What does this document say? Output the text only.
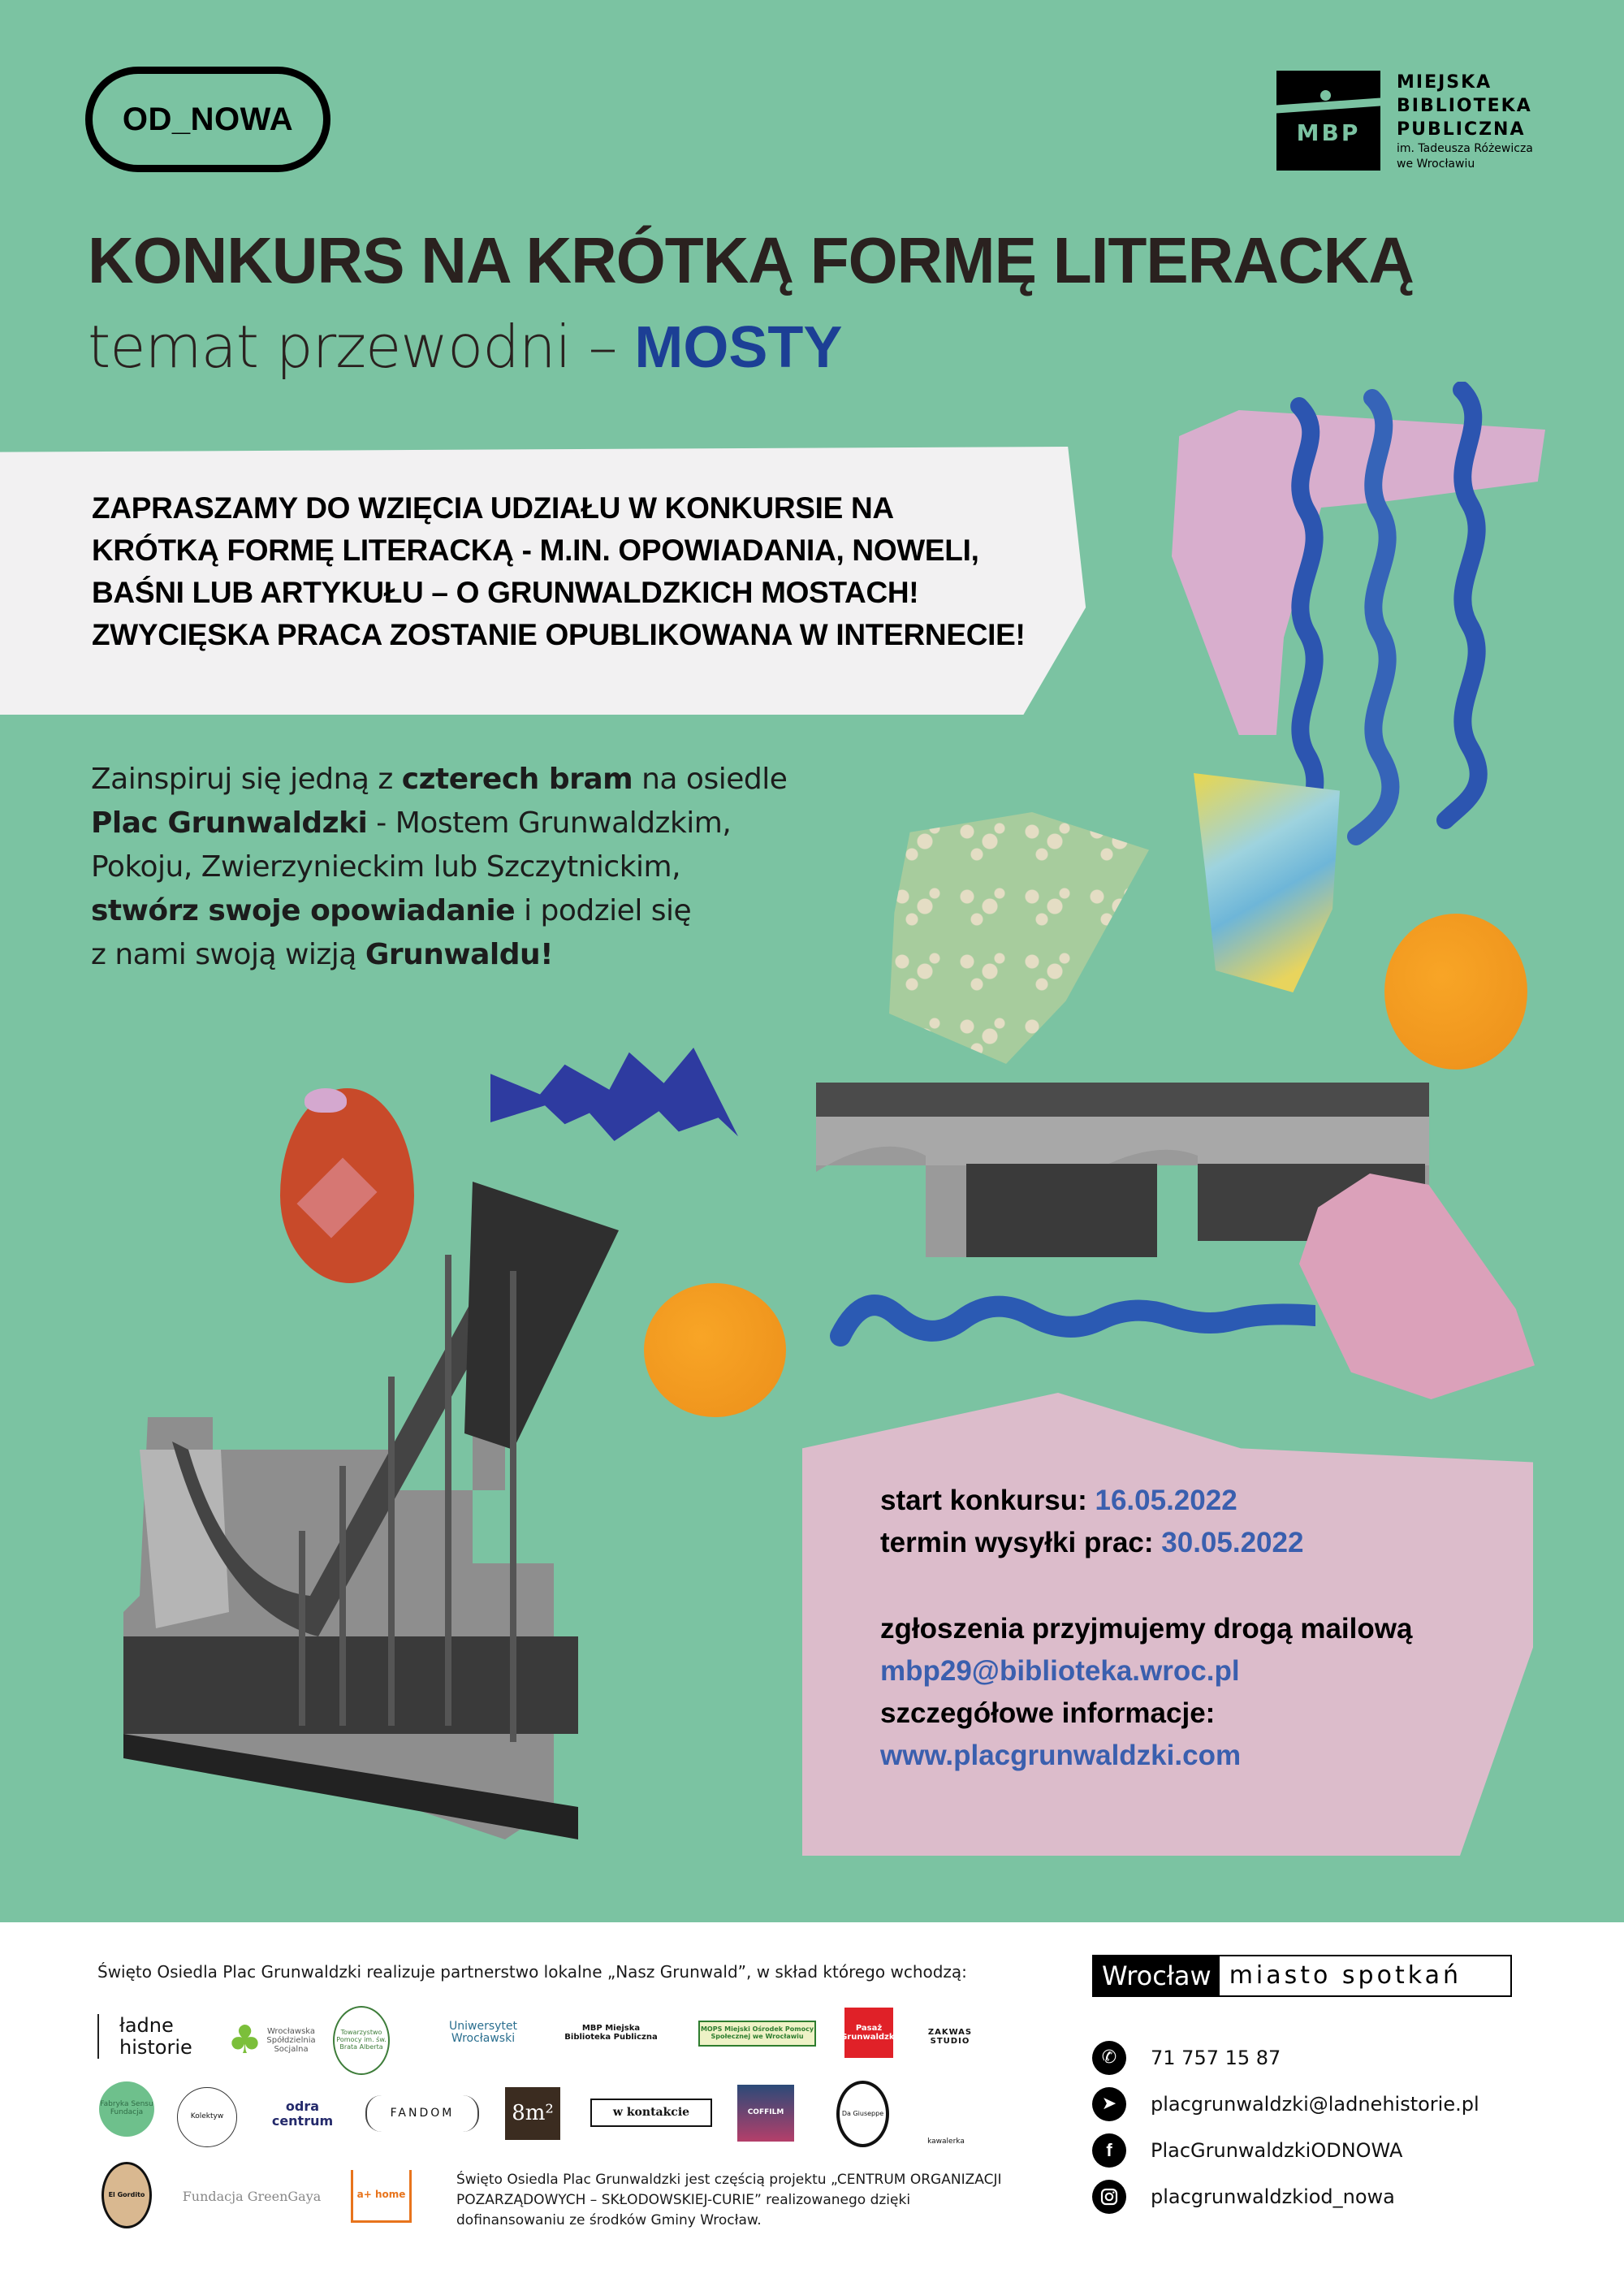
OD_NOWA	MBP
MIEJSKA
BIBLIOTEKA
PUBLICZNA
im. Tadeusza Różewicza
we Wrocławiu
KONKURS NA KRÓTKĄ FORMĘ LITERACKĄ
temat przewodni – MOSTY
ZAPRASZAMY DO WZIĘCIA UDZIAŁU W KONKURSIE NA
KRÓTKĄ FORMĘ LITERACKĄ - M.IN. OPOWIADANIA, NOWELI,
BAŚNI LUB ARTYKUŁU – O GRUNWALDZKICH MOSTACH!
ZWYCIĘSKA PRACA ZOSTANIE OPUBLIKOWANA W INTERNECIE!
Zainspiruj się jedną z czterech bram na osiedle
Plac Grunwaldzki - Mostem Grunwaldzkim,
Pokoju, Zwierzynieckim lub Szczytnickim,
stwórz swoje opowiadanie i podziel się
z nami swoją wizją Grunwaldu!
start konkursu: 16.05.2022
termin wysyłki prac: 30.05.2022
zgłoszenia przyjmujemy drogą mailową
mbp29@biblioteka.wroc.pl
szczegółowe informacje:
www.placgrunwaldzki.com
Święto Osiedla Plac Grunwaldzki realizuje partnerstwo lokalne „Nasz Grunwald”, w skład którego wchodzą:
ładne historie ♣ Wrocławska Spółdzielnia Socjalna
Towarzystwo Pomocy im. św. Brata Alberta
Uniwersytet Wrocławski
MBP Miejska Biblioteka Publiczna
MOPS Miejski Ośrodek Pomocy Społecznej we Wrocławiu
Pasaż Grunwaldzki
ZAKWAS STUDIO
Fabryka Sensu Fundacja
Kolektyw
odra centrum
FANDOM	8m²	w kontakcie	COFFILM	Da Giuseppe
kawalerka
El Gordito	Fundacja GreenGaya	a+ home
Święto Osiedla Plac Grunwaldzki jest częścią projektu „CENTRUM ORGANIZACJI
POZARZĄDOWYCH – SKŁODOWSKIEJ-CURIE” realizowanego dzięki
dofinansowaniu ze środków Gminy Wrocław.
Wrocław miasto spotkań
✆	71 757 15 87
➤	placgrunwaldzki@ladnehistorie.pl
f	PlacGrunwaldzkiODNOWA
placgrunwaldzkiod_nowa
